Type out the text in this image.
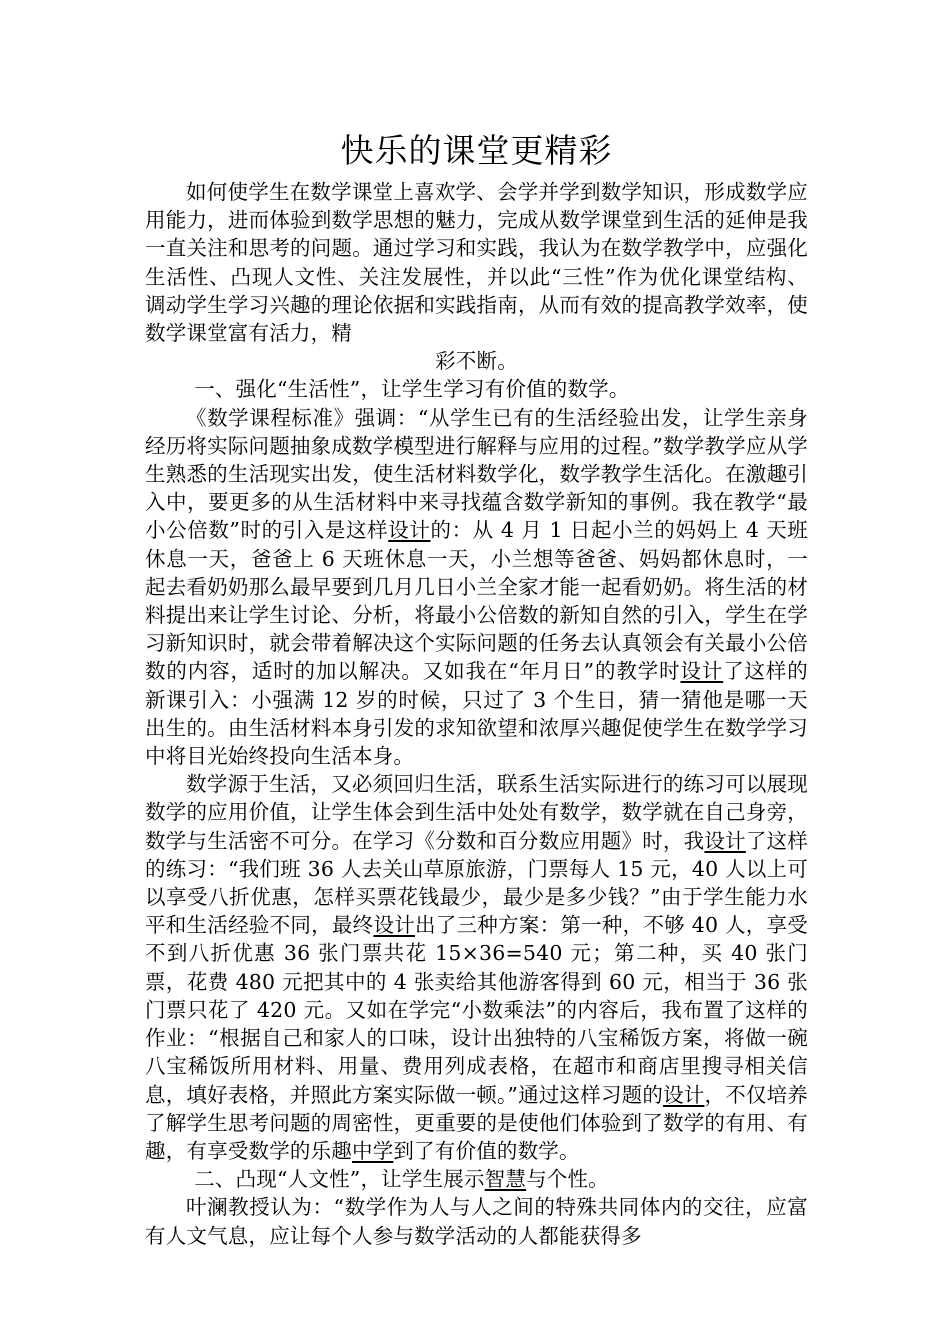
快乐的课堂更精彩

如何使学生在数学课堂上喜欢学、会学并学到数学知识，形成数学应用能力，进而体验到数学思想的魅力，完成从数学课堂到生活的延伸是我一直关注和思考的问题。通过学习和实践，我认为在数学教学中，应强化生活性、凸现人文性、关注发展性，并以此“三性”作为优化课堂结构、调动学生学习兴趣的理论依据和实践指南，从而有效的提高教学效率，使数学课堂富有活力，精

彩不断。

一、强化“生活性”，让学生学习有价值的数学。

《数学课程标准》强调：“从学生已有的生活经验出发，让学生亲身经历将实际问题抽象成数学模型进行解释与应用的过程。”数学教学应从学生熟悉的生活现实出发，使生活材料数学化，数学教学生活化。在激趣引入中，要更多的从生活材料中来寻找蕴含数学新知的事例。我在教学“最小公倍数”时的引入是这样设计的：从 4 月 1 日起小兰的妈妈上 4 天班休息一天，爸爸上 6 天班休息一天，小兰想等爸爸、妈妈都休息时，一起去看奶奶那么最早要到几月几日小兰全家才能一起看奶奶。将生活的材料提出来让学生讨论、分析，将最小公倍数的新知自然的引入，学生在学习新知识时，就会带着解决这个实际问题的任务去认真领会有关最小公倍数的内容，适时的加以解决。又如我在“年月日”的教学时设计了这样的新课引入：小强满 12 岁的时候，只过了 3 个生日，猜一猜他是哪一天出生的。由生活材料本身引发的求知欲望和浓厚兴趣促使学生在数学学习中将目光始终投向生活本身。

数学源于生活，又必须回归生活，联系生活实际进行的练习可以展现数学的应用价值，让学生体会到生活中处处有数学，数学就在自己身旁，数学与生活密不可分。在学习《分数和百分数应用题》时，我设计了这样的练习：“我们班 36 人去关山草原旅游，门票每人 15 元，40 人以上可以享受八折优惠，怎样买票花钱最少，最少是多少钱？”由于学生能力水平和生活经验不同，最终设计出了三种方案：第一种，不够 40 人，享受不到八折优惠 36 张门票共花 15×36=540 元；第二种，买 40 张门票，花费 480 元把其中的 4 张卖给其他游客得到 60 元，相当于 36 张门票只花了 420 元。又如在学完“小数乘法”的内容后，我布置了这样的作业：“根据自己和家人的口味，设计出独特的八宝稀饭方案，将做一碗八宝稀饭所用材料、用量、费用列成表格，在超市和商店里搜寻相关信息，填好表格，并照此方案实际做一顿。”通过这样习题的设计，不仅培养了解学生思考问题的周密性，更重要的是使他们体验到了数学的有用、有趣，有享受数学的乐趣中学到了有价值的数学。

二、凸现“人文性”，让学生展示智慧与个性。

叶澜教授认为：“数学作为人与人之间的特殊共同体内的交往，应富有人文气息，应让每个人参与数学活动的人都能获得多
